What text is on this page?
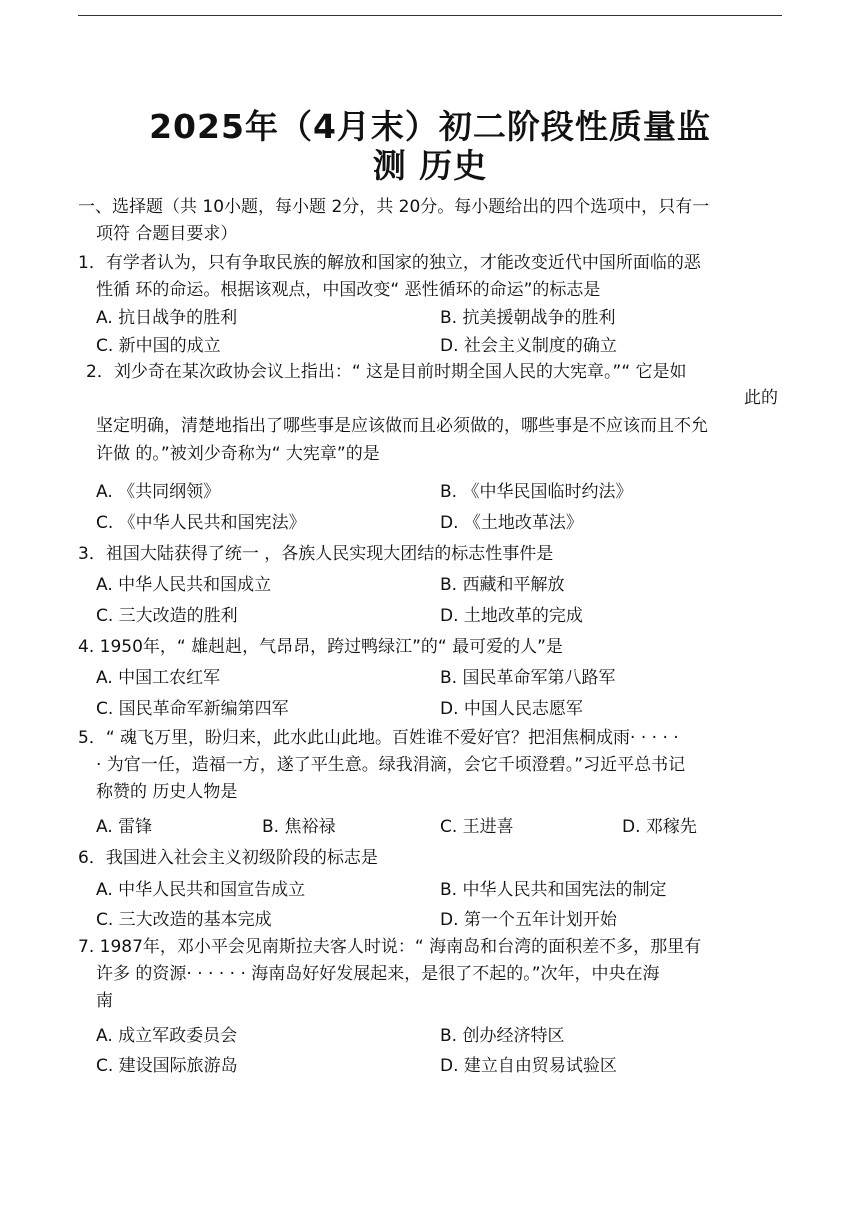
2025年（4月末）初二阶段性质量监
测 历史
一、选择题（共 10小题，每小题 2分，共 20分。每小题给出的四个选项中，只有一
项符 合题目要求）
1．有学者认为，只有争取民族的解放和国家的独立，才能改变近代中国所面临的恶
性循 环的命运。根据该观点，中国改变“ 恶性循环的命运”的标志是
A. 抗日战争的胜利	B. 抗美援朝战争的胜利
C. 新中国的成立	D. 社会主义制度的确立
2．刘少奇在某次政协会议上指出：“ 这是目前时期全国人民的大宪章。”“ 它是如
此的
坚定明确，清楚地指出了哪些事是应该做而且必须做的，哪些事是不应该而且不允
许做 的。”被刘少奇称为“ 大宪章”的是
A. 《共同纲领》	B. 《中华民国临时约法》
C. 《中华人民共和国宪法》	D. 《土地改革法》
3．祖国大陆获得了统一 ，各族人民实现大团结的标志性事件是
A. 中华人民共和国成立	B. 西藏和平解放
C. 三大改造的胜利	D. 土地改革的完成
4. 1950年，“ 雄赳赳，气昂昂，跨过鸭绿江”的“ 最可爱的人”是
A. 中国工农红军	B. 国民革命军第八路军
C. 国民革命军新编第四军	D. 中国人民志愿军
5．“ 魂飞万里，盼归来，此水此山此地。百姓谁不爱好官？把泪焦桐成雨· · · · ·
· 为官一任，造福一方，遂了平生意。绿我涓滴，会它千顷澄碧。”习近平总书记
称赞的 历史人物是
A. 雷锋	B. 焦裕禄	C. 王进喜	D. 邓稼先
6．我国进入社会主义初级阶段的标志是
A. 中华人民共和国宣告成立	B. 中华人民共和国宪法的制定
C. 三大改造的基本完成	D. 第一个五年计划开始
7. 1987年，邓小平会见南斯拉夫客人时说：“ 海南岛和台湾的面积差不多，那里有
许多 的资源· · · · · · 海南岛好好发展起来，是很了不起的。”次年，中央在海
南
A. 成立军政委员会	B. 创办经济特区
C. 建设国际旅游岛	D. 建立自由贸易试验区
